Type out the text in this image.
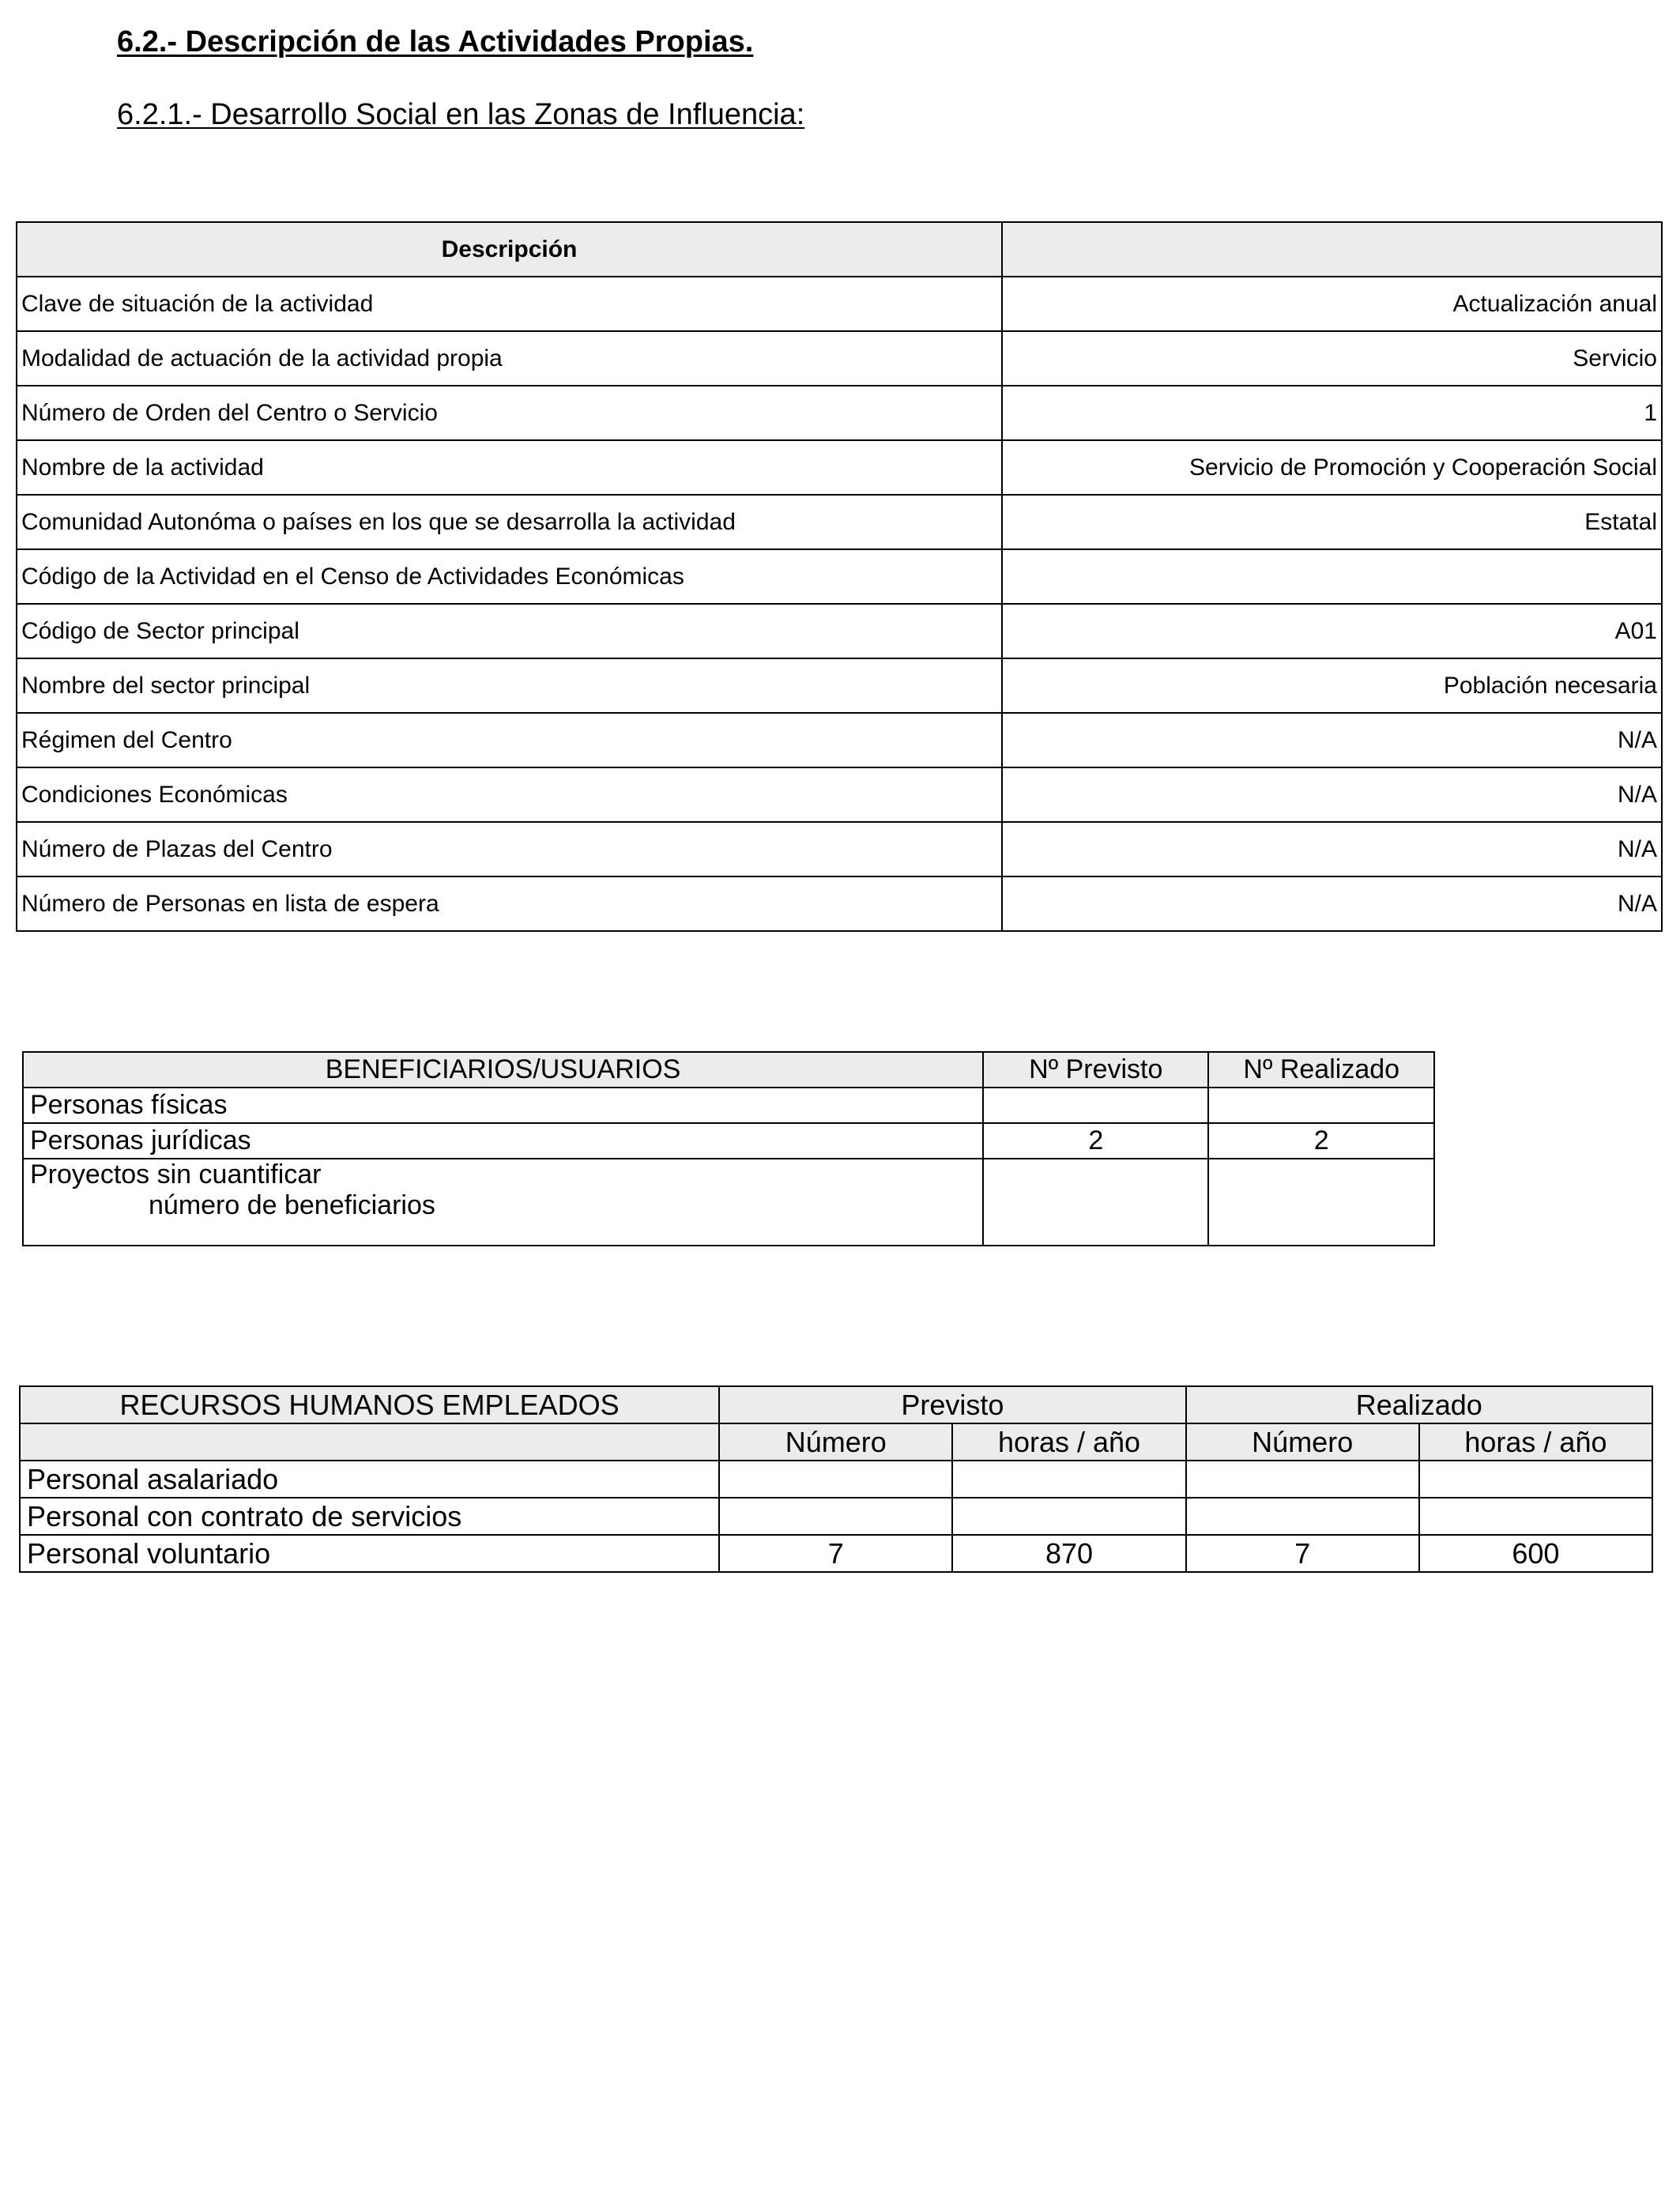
6.2.- Descripción de las Actividades Propias.
6.2.1.- Desarrollo Social en las Zonas de Influencia:
Descripción	
Clave de situación de la actividad	Actualización anual
Modalidad de actuación de la actividad propia	Servicio
Número de Orden del Centro o Servicio	1
Nombre de la actividad	Servicio de Promoción y Cooperación Social
Comunidad Autonóma o países en los que se desarrolla la actividad	Estatal
Código de la Actividad en el Censo de Actividades Económicas	
Código de Sector principal	A01
Nombre del sector principal	Población necesaria
Régimen del Centro	N/A
Condiciones Económicas	N/A
Número de Plazas del Centro	N/A
Número de Personas en lista de espera	N/A
BENEFICIARIOS/USUARIOS	Nº Previsto	Nº Realizado
Personas físicas		
Personas jurídicas	2	2
Proyectos sin cuantificar
número de beneficiarios		

RECURSOS HUMANOS EMPLEADOS	Previsto		Realizado	
	Número	horas / año	Número	horas / año
Personal asalariado				
Personal con contrato de servicios				
Personal voluntario	7	870	7	600
